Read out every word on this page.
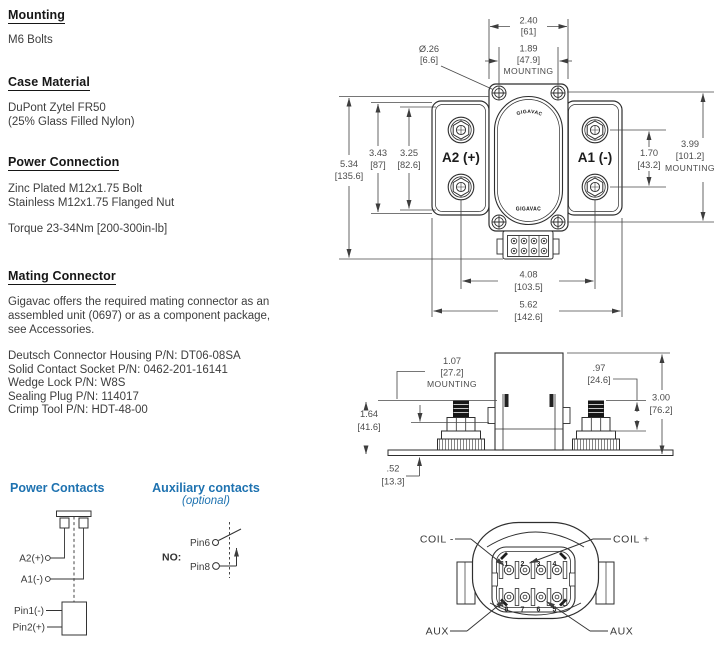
Mounting
M6 Bolts
Case Material
DuPont Zytel FR50
(25% Glass Filled Nylon)
Power Connection
Zinc Plated M12x1.75 Bolt
Stainless M12x1.75 Flanged Nut
Torque 23-34Nm [200-300in-lb]
Mating Connector
Gigavac offers the required mating connector as an
assembled unit (0697) or as a component package,
see Accessories.
Deutsch Connector Housing P/N: DT06-08SA
Solid Contact Socket P/N: 0462-201-16141
Wedge Lock P/N: W8S
Sealing Plug P/N: 114017
Crimp Tool P/N: HDT-48-00
Power Contacts	Auxiliary contacts
(optional)
GIGAVAC
GIGAVAC
A2 (+)	A1 (-)
2.40
[61]
1.89
[47.9]
MOUNTING
Ø.26
[6.6]
5.34
[135.6]
3.43
[87]
3.25
[82.6]
1.70
[43.2]
3.99
[101.2]
MOUNTING
4.08
[103.5]
5.62
[142.6]
1.07
[27.2]
MOUNTING
1.64
[41.6]
.52
[13.3]
.97
[24.6]
3.00
[76.2]
1 2 3 4
8 7 6 5
COIL -	COIL +
AUX	AUX
A2(+)
A1(-)
Pin1(-)
Pin2(+)
NO:
Pin6
Pin8
